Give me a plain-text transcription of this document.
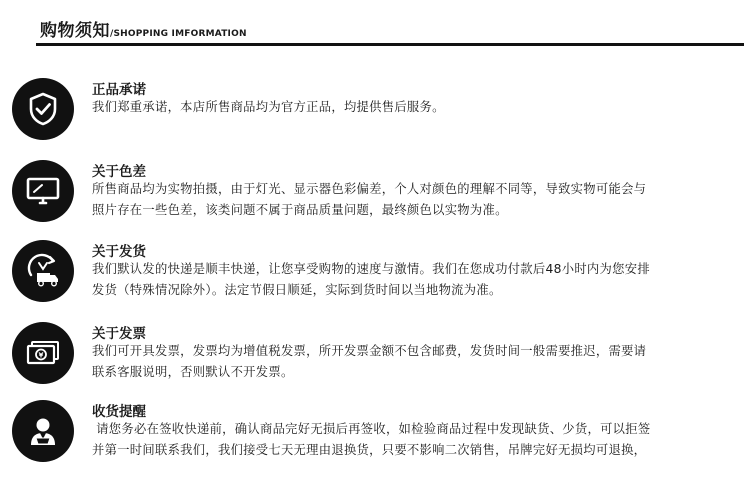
购物须知/SHOPPING IMFORMATION
正品承诺
我们郑重承诺，本店所售商品均为官方正品，均提供售后服务。
关于色差
所售商品均为实物拍摄，由于灯光、显示器色彩偏差，个人对颜色的理解不同等，导致实物可能会与
照片存在一些色差，该类问题不属于商品质量问题，最终颜色以实物为准。
关于发货
我们默认发的快递是顺丰快递，让您享受购物的速度与激情。我们在您成功付款后48小时内为您安排
发货（特殊情况除外）。法定节假日顺延，实际到货时间以当地物流为准。
关于发票
我们可开具发票，发票均为增值税发票，所开发票金额不包含邮费，发货时间一般需要推迟，需要请
联系客服说明，否则默认不开发票。
收货提醒
请您务必在签收快递前，确认商品完好无损后再签收，如检验商品过程中发现缺货、少货，可以拒签
并第一时间联系我们，我们接受七天无理由退换货，只要不影响二次销售，吊牌完好无损均可退换，
